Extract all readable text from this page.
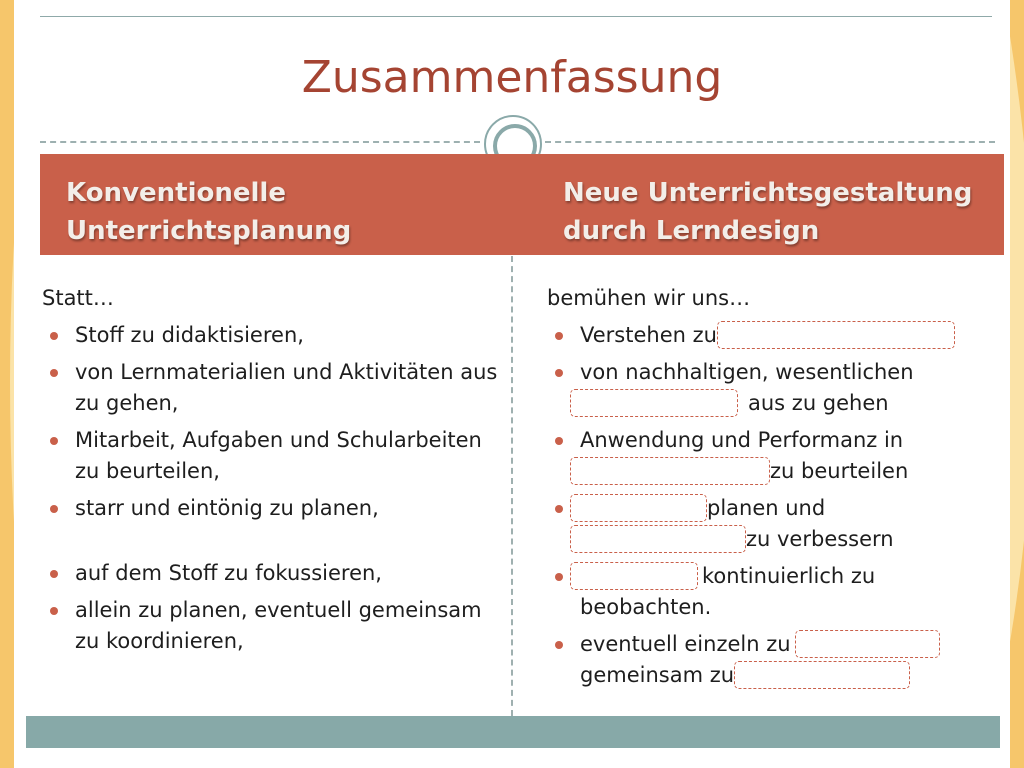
Zusammenfassung
Konventionelle
Unterrichtsplanung
Neue Unterrichtsgestaltung
durch Lerndesign
Statt…
Stoff zu didaktisieren,
von Lernmaterialien und Aktivitäten aus zu gehen,
Mitarbeit, Aufgaben und Schularbeiten zu beurteilen,
starr und eintönig zu planen,
auf dem Stoff zu fokussieren,
allein zu planen, eventuell gemeinsam zu koordinieren,
bemühen wir uns…
Verstehen zu
von nachhaltigen, wesentlichen
aus zu gehen
Anwendung und Performanz in
zu beurteilen
planen und
zu verbessern
kontinuierlich zu
beobachten.
eventuell einzeln zu
gemeinsam zu
